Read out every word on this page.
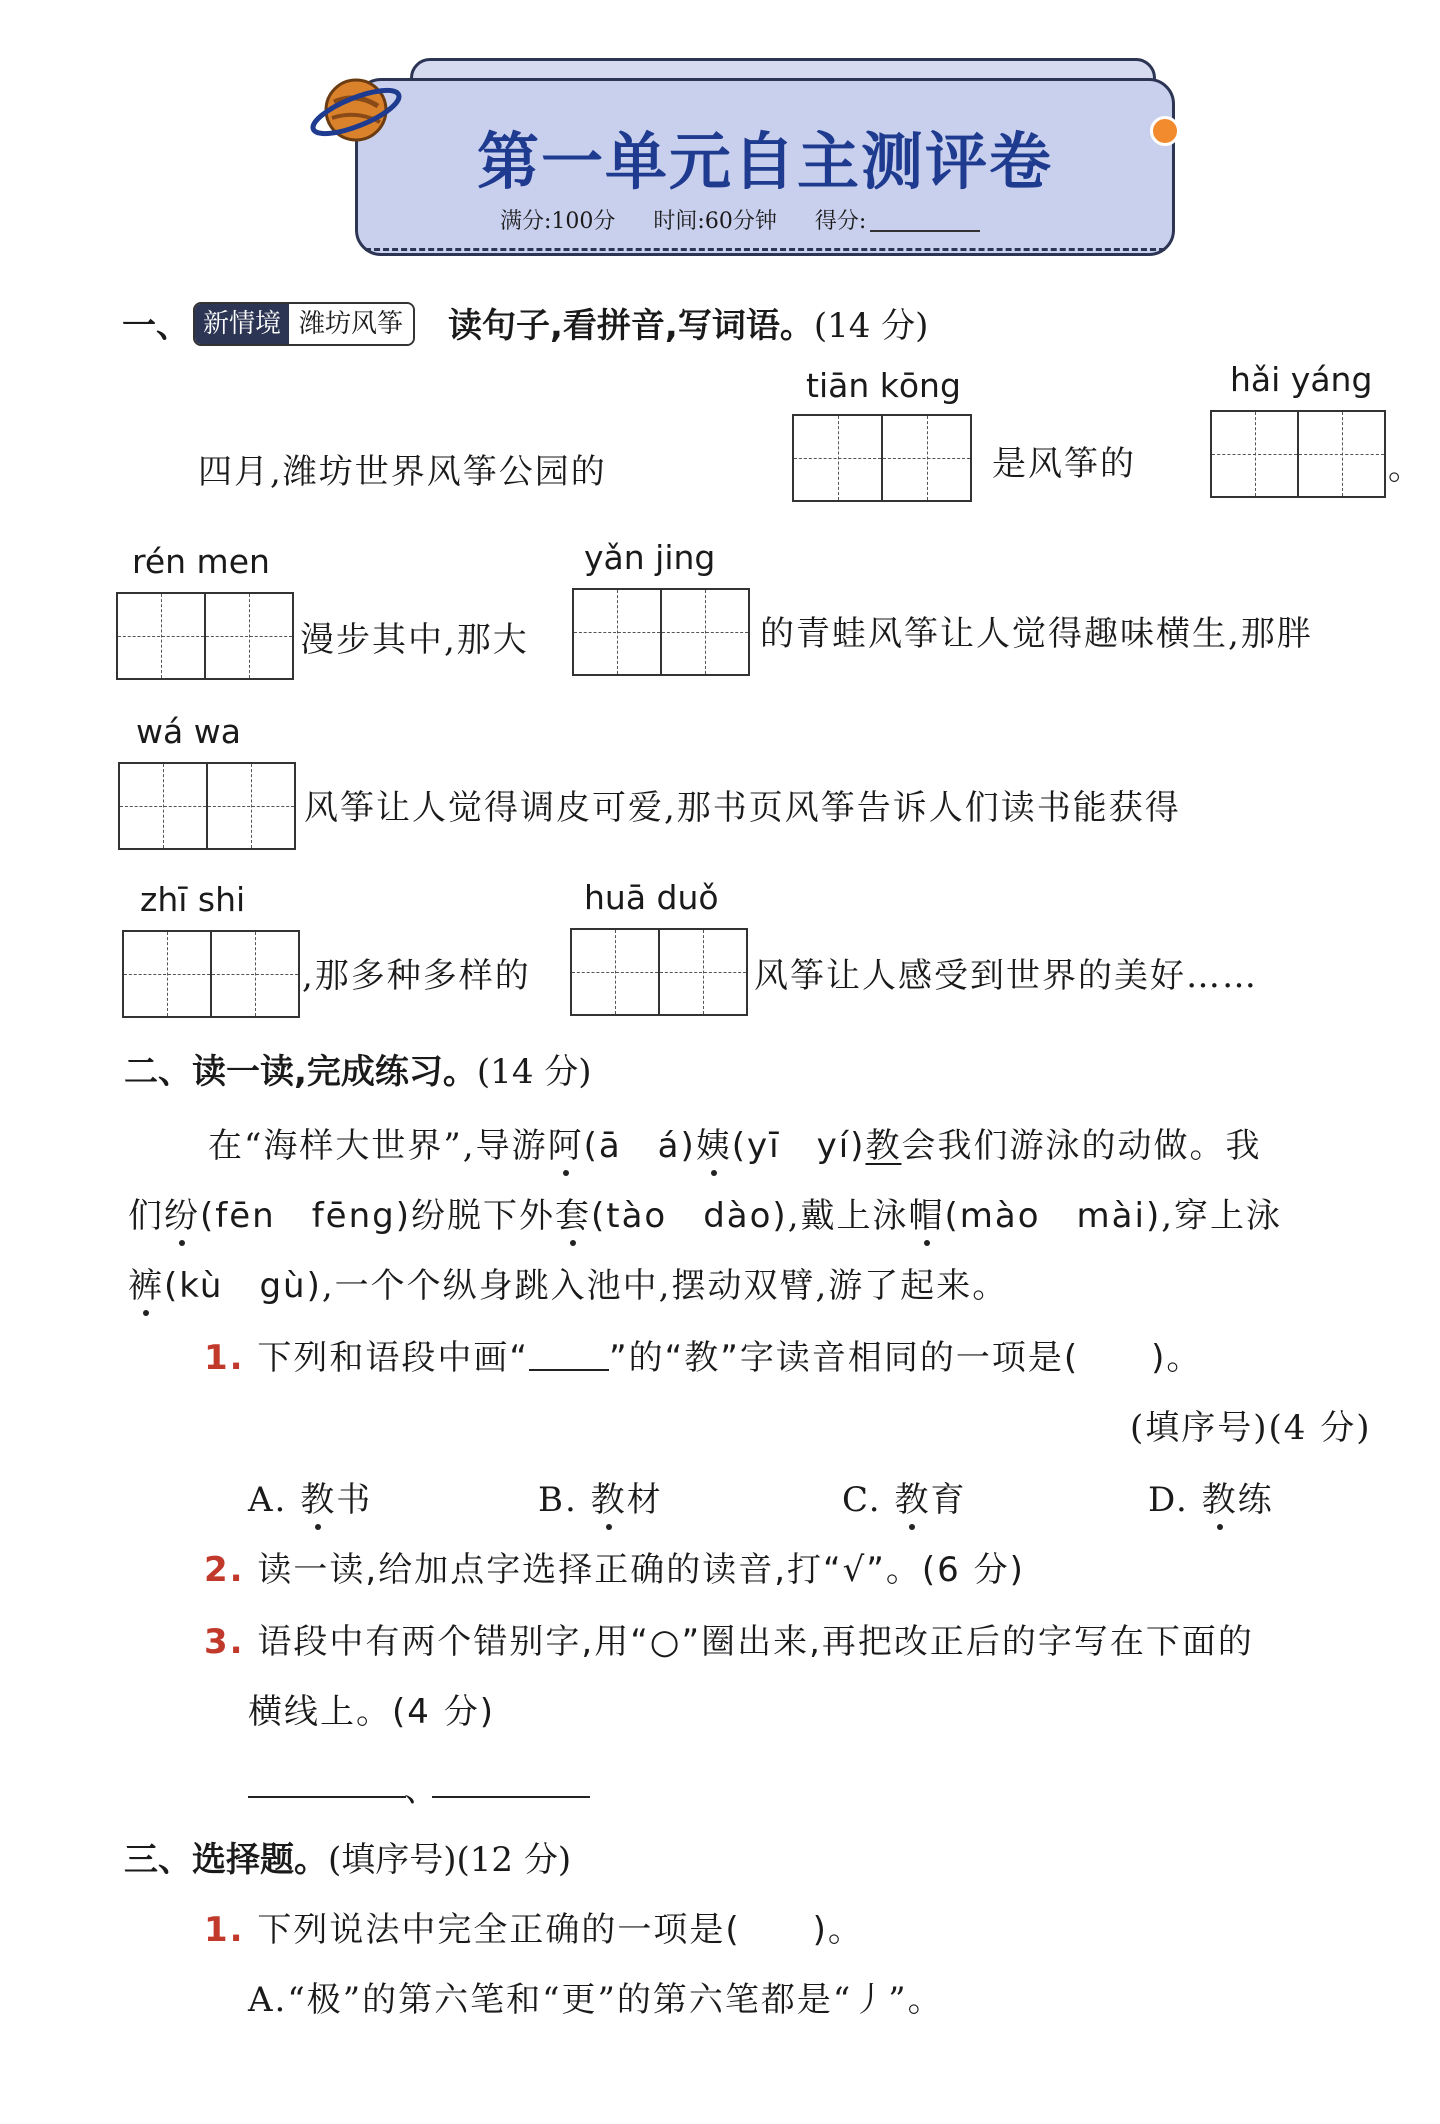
第一单元自主测评卷
满分:100分 时间:60分钟 得分:
一、 新情境 潍坊风筝 读句子,看拼音,写词语。(14 分)
tiān kōng	hǎi yáng
四月,潍坊世界风筝公园的	是风筝的	。
rén men	yǎn jing
漫步其中,那大	的青蛙风筝让人觉得趣味横生,那胖
wá wa
风筝让人觉得调皮可爱,那书页风筝告诉人们读书能获得
zhī shi	huā duǒ
,那多种多样的	风筝让人感受到世界的美好……
二、读一读,完成练习。(14 分)
在“海样大世界”,导游阿(ā　á)姨(yī　yí)教会我们游泳的动做。我
们纷(fēn　fēng)纷脱下外套(tào　dào),戴上泳帽(mào　mài),穿上泳
裤(kù　gù),一个个纵身跳入池中,摆动双臂,游了起来。
1. 下列和语段中画“ ”的“教”字读音相同的一项是(　　)。
(填序号)(4 分)
A. 教书	B. 教材	C. 教育	D. 教练
2. 读一读,给加点字选择正确的读音,打“√”。(6 分)
3. 语段中有两个错别字,用“○”圈出来,再把改正后的字写在下面的
横线上。(4 分)
、
三、选择题。(填序号)(12 分)
1. 下列说法中完全正确的一项是(　　)。
A.“极”的第六笔和“更”的第六笔都是“丿”。
